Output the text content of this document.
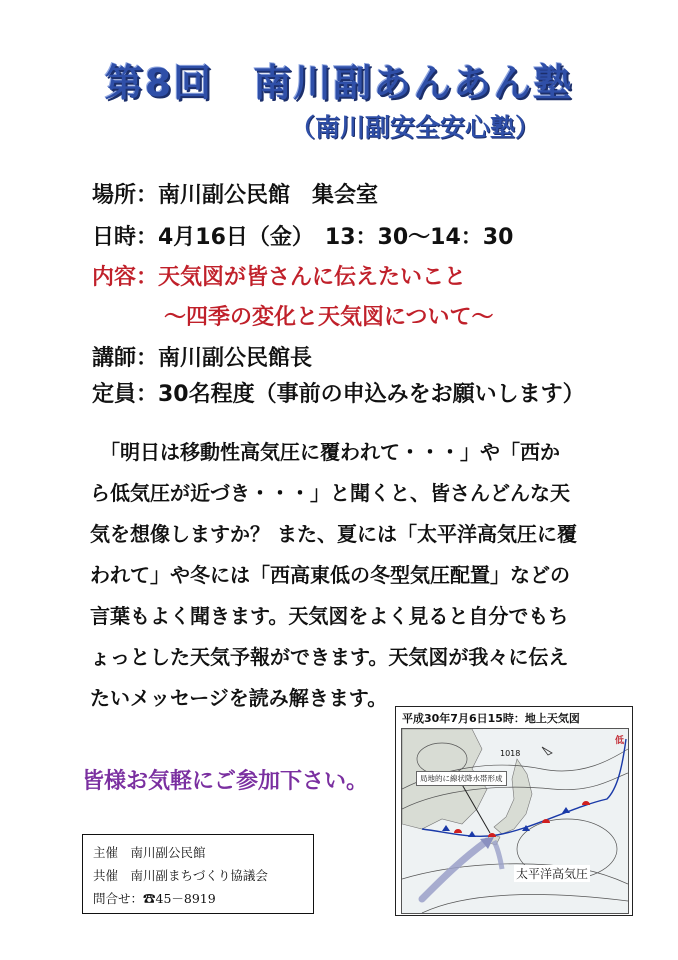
第8回　南川副あんあん塾
（南川副安全安心塾）
場所：南川副公民館　集会室
日時：4月16日（金）　13：30～14：30
内容：天気図が皆さんに伝えたいこと
～四季の変化と天気図について～
講師：南川副公民館長
定員：30名程度（事前の申込みをお願いします）

　「明日は移動性高気圧に覆われて・・・」や「西か

ら低気圧が近づき・・・」と聞くと、皆さんどんな天

気を想像しますか？ また、夏には「太平洋高気圧に覆

われて」や冬には「西高東低の冬型気圧配置」などの

言葉もよく聞きます。天気図をよく見ると自分でもち

ょっとした天気予報ができます。天気図が我々に伝え

たいメッセージを読み解きます。

皆様お気軽にご参加下さい。
主催　南川副公民館
共催　南川副まちづくり協議会
問合せ：☎45－8919
平成30年7月6日15時：地上天気図
1018
局地的に線状降水帯形成
太平洋高気圧
低
